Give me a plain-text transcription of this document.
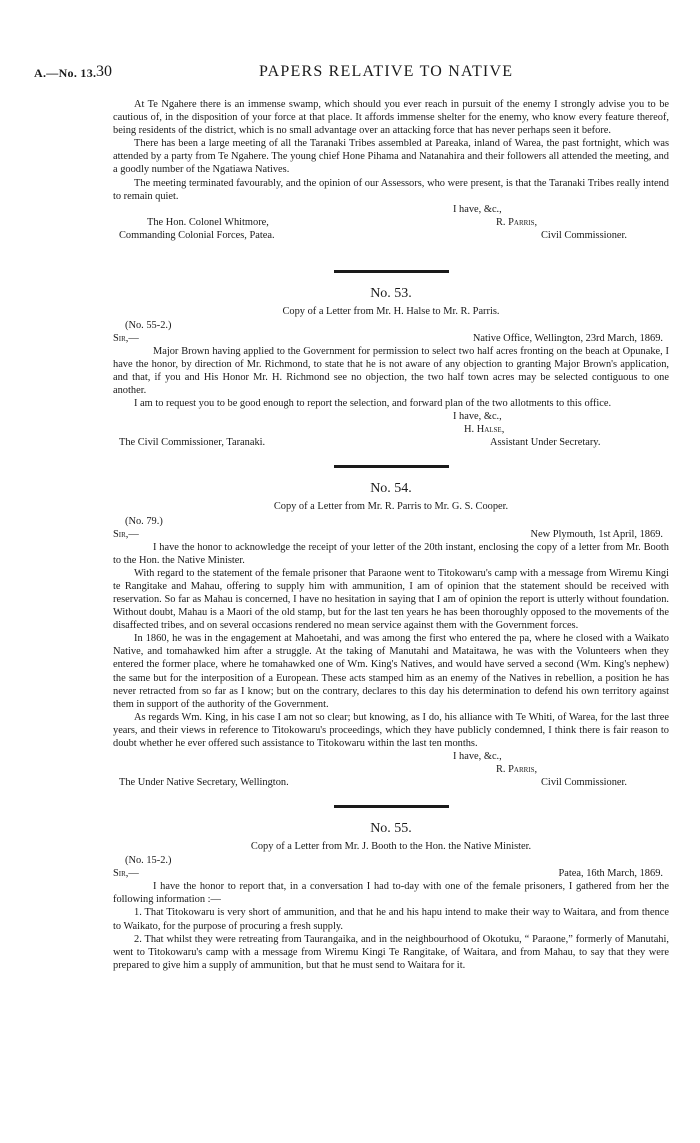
A.—No. 13. 30	PAPERS RELATIVE TO NATIVE

At Te Ngahere there is an immense swamp, which should you ever reach in pursuit of the enemy I strongly advise you to be cautious of, in the disposition of your force at that place. It affords immense shelter for the enemy, who know every feature thereof, being residents of the district, which is no small advantage over an attacking force that has never perhaps seen it before.

There has been a large meeting of all the Taranaki Tribes assembled at Pareaka, inland of Warea, the past fortnight, which was attended by a party from Te Ngahere. The young chief Hone Pihama and Natanahira and their followers all attended the meeting, and a goodly number of the Ngatiawa Natives.

The meeting terminated favourably, and the opinion of our Assessors, who were present, is that the Taranaki Tribes really intend to remain quiet.

I have, &c.,
R. Parris,
The Hon. Colonel Whitmore,
Civil Commissioner.
Commanding Colonial Forces, Patea.
No. 53.
Copy of a Letter from Mr. H. Halse to Mr. R. Parris.
(No. 55-2.)
Sir,—	Native Office, Wellington, 23rd March, 1869.

Major Brown having applied to the Government for permission to select two half acres fronting on the beach at Opunake, I have the honor, by direction of Mr. Richmond, to state that he is not aware of any objection to granting Major Brown's application, and that, if you and His Honor Mr. H. Richmond see no objection, the two half town acres may be selected contiguous to one another.

I am to request you to be good enough to report the selection, and forward plan of the two allotments to this office.

I have, &c.,
H. Halse,
The Civil Commissioner, Taranaki.	Assistant Under Secretary.
No. 54.
Copy of a Letter from Mr. R. Parris to Mr. G. S. Cooper.
(No. 79.)
Sir,—	New Plymouth, 1st April, 1869.

I have the honor to acknowledge the receipt of your letter of the 20th instant, enclosing the copy of a letter from Mr. Booth to the Hon. the Native Minister.

With regard to the statement of the female prisoner that Paraone went to Titokowaru's camp with a message from Wiremu Kingi te Rangitake and Mahau, offering to supply him with ammunition, I am of opinion that the statement should be received with reservation. So far as Mahau is concerned, I have no hesitation in saying that I am of opinion the report is utterly without foundation. Without doubt, Mahau is a Maori of the old stamp, but for the last ten years he has been thoroughly opposed to the movements of the disaffected tribes, and on several occasions rendered no mean service against them with the Government forces.

In 1860, he was in the engagement at Mahoetahi, and was among the first who entered the pa, where he closed with a Waikato Native, and tomahawked him after a struggle. At the taking of Manutahi and Mataitawa, he was with the Volunteers when they entered the former place, where he tomahawked one of Wm. King's Natives, and would have served a second (Wm. King's nephew) the same but for the interposition of a European. These acts stamped him as an enemy of the Natives in rebellion, a position he has never retracted from so far as I know; but on the contrary, declares to this day his determination to defend his own territory against them in support of the authority of the Government.

As regards Wm. King, in his case I am not so clear; but knowing, as I do, his alliance with Te Whiti, of Warea, for the last three years, and their views in reference to Titokowaru's proceedings, which they have publicly condemned, I think there is fair reason to doubt whether he ever offered such assistance to Titokowaru within the last ten months.

I have, &c.,
R. Parris,
The Under Native Secretary, Wellington.	Civil Commissioner.
No. 55.
Copy of a Letter from Mr. J. Booth to the Hon. the Native Minister.
(No. 15-2.)
Sir,—	Patea, 16th March, 1869.

I have the honor to report that, in a conversation I had to-day with one of the female prisoners, I gathered from her the following information :—

1. That Titokowaru is very short of ammunition, and that he and his hapu intend to make their way to Waitara, and from thence to Waikato, for the purpose of procuring a fresh supply.

2. That whilst they were retreating from Taurangaika, and in the neighbourhood of Okotuku, “ Paraone,” formerly of Manutahi, went to Titokowaru's camp with a message from Wiremu Kingi Te Rangitake, of Waitara, and from Mahau, to say that they were prepared to give him a supply of ammunition, but that he must send to Waitara for it.
